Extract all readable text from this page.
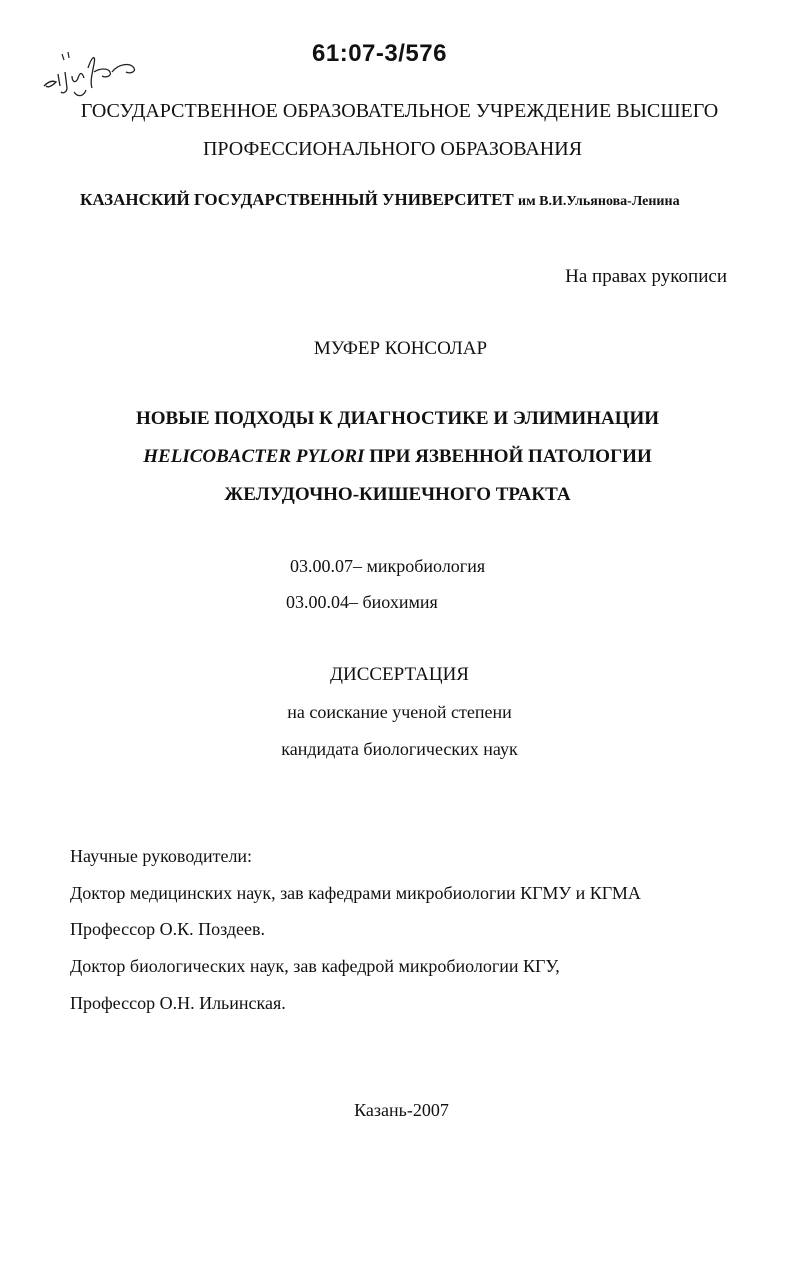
61:07-3/576
ГОСУДАРСТВЕННОЕ ОБРАЗОВАТЕЛЬНОЕ УЧРЕЖДЕНИЕ ВЫСШЕГО
ПРОФЕССИОНАЛЬНОГО ОБРАЗОВАНИЯ
КАЗАНСКИЙ ГОСУДАРСТВЕННЫЙ УНИВЕРСИТЕТ им В.И.Ульянова-Ленина
На правах рукописи
МУФЕР КОНСОЛАР
НОВЫЕ ПОДХОДЫ К ДИАГНОСТИКЕ И ЭЛИМИНАЦИИ
HELICOBACTER PYLORI ПРИ ЯЗВЕННОЙ ПАТОЛОГИИ
ЖЕЛУДОЧНО-КИШЕЧНОГО ТРАКТА
03.00.07– микробиология
03.00.04– биохимия
ДИССЕРТАЦИЯ
на соискание ученой степени
кандидата биологических наук
Научные руководители:
Доктор медицинских наук, зав кафедрами микробиологии КГМУ и КГМА
Профессор О.К. Поздеев.
Доктор биологических наук, зав кафедрой микробиологии КГУ,
Профессор О.Н. Ильинская.
Казань-2007
